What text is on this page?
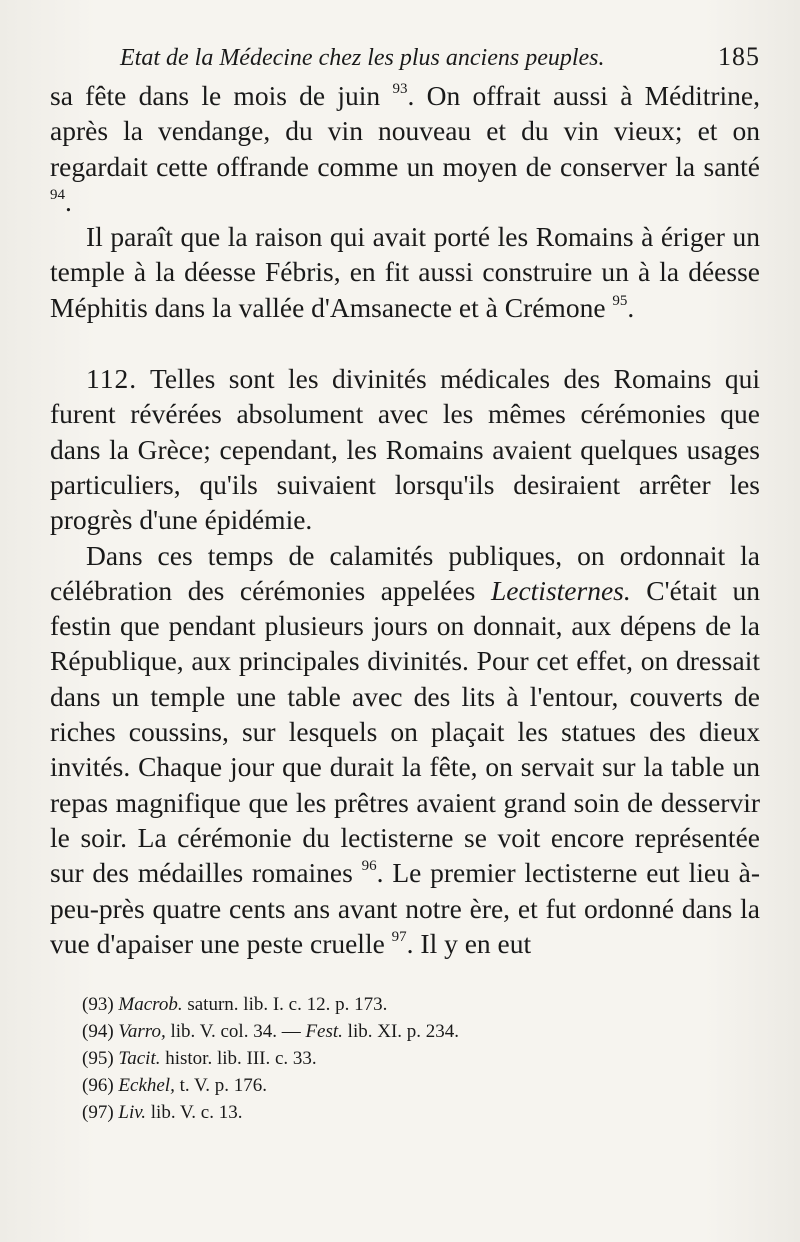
Etat de la Médecine chez les plus anciens peuples.	185

sa fête dans le mois de juin $^{93}$. On offrait aussi à Méditrine, après la vendange, du vin nouveau et du vin vieux; et on regardait cette offrande comme un moyen de conserver la santé $^{94}$.

Il paraît que la raison qui avait porté les Romains à ériger un temple à la déesse Fébris, en fit aussi construire un à la déesse Méphitis dans la vallée d'Amsanecte et à Crémone $^{95}$.

112. Telles sont les divinités médicales des Romains qui furent révérées absolument avec les mêmes cérémonies que dans la Grèce; cependant, les Romains avaient quelques usages particuliers, qu'ils suivaient lorsqu'ils desiraient arrêter les progrès d'une épidémie.

Dans ces temps de calamités publiques, on ordonnait la célébration des cérémonies appelées Lectisternes. C'était un festin que pendant plusieurs jours on donnait, aux dépens de la République, aux principales divinités. Pour cet effet, on dressait dans un temple une table avec des lits à l'entour, couverts de riches coussins, sur lesquels on plaçait les statues des dieux invités. Chaque jour que durait la fête, on servait sur la table un repas magnifique que les prêtres avaient grand soin de desservir le soir. La cérémonie du lectisterne se voit encore représentée sur des médailles romaines $^{96}$. Le premier lectisterne eut lieu à-peu-près quatre cents ans avant notre ère, et fut ordonné dans la vue d'apaiser une peste cruelle $^{97}$. Il y en eut

(93) Macrob. saturn. lib. I. c. 12. p. 173.
(94) Varro, lib. V. col. 34. — Fest. lib. XI. p. 234.
(95) Tacit. histor. lib. III. c. 33.
(96) Eckhel, t. V. p. 176.
(97) Liv. lib. V. c. 13.
